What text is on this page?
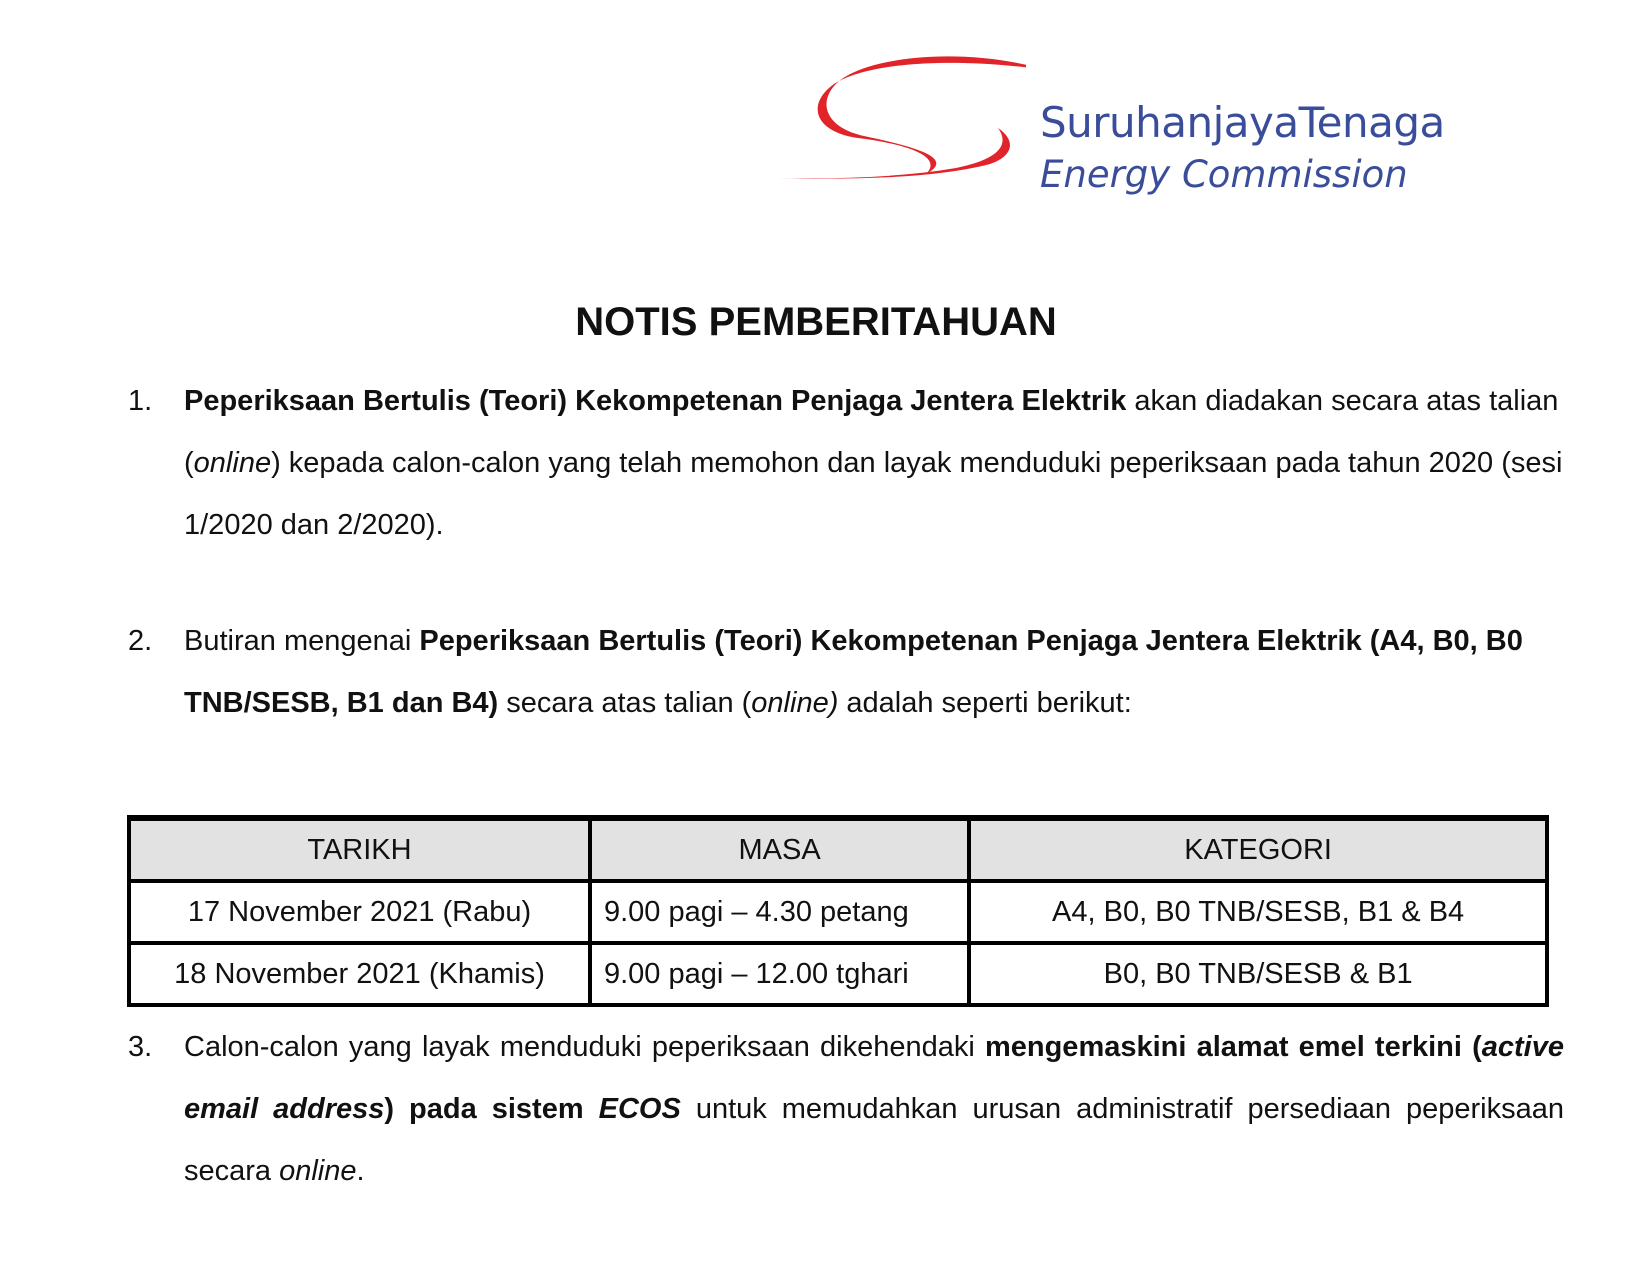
SuruhanjayaTenaga
Energy Commission
NOTIS PEMBERITAHUAN
1. Peperiksaan Bertulis (Teori) Kekompetenan Penjaga Jentera Elektrik akan diadakan secara atas talian (online) kepada calon-calon yang telah memohon dan layak menduduki peperiksaan pada tahun 2020 (sesi 1/2020 dan 2/2020).
2. Butiran mengenai Peperiksaan Bertulis (Teori) Kekompetenan Penjaga Jentera Elektrik (A4, B0, B0 TNB/SESB, B1 dan B4) secara atas talian (online) adalah seperti berikut:
TARIKH	MASA	KATEGORI
17 November 2021 (Rabu)	9.00 pagi – 4.30 petang	A4, B0, B0 TNB/SESB, B1 & B4
18 November 2021 (Khamis)	9.00 pagi – 12.00 tghari	B0, B0 TNB/SESB & B1
3. Calon-calon yang layak menduduki peperiksaan dikehendaki mengemaskini alamat emel terkini (active email address) pada sistem ECOS untuk memudahkan urusan administratif persediaan peperiksaan secara online.
